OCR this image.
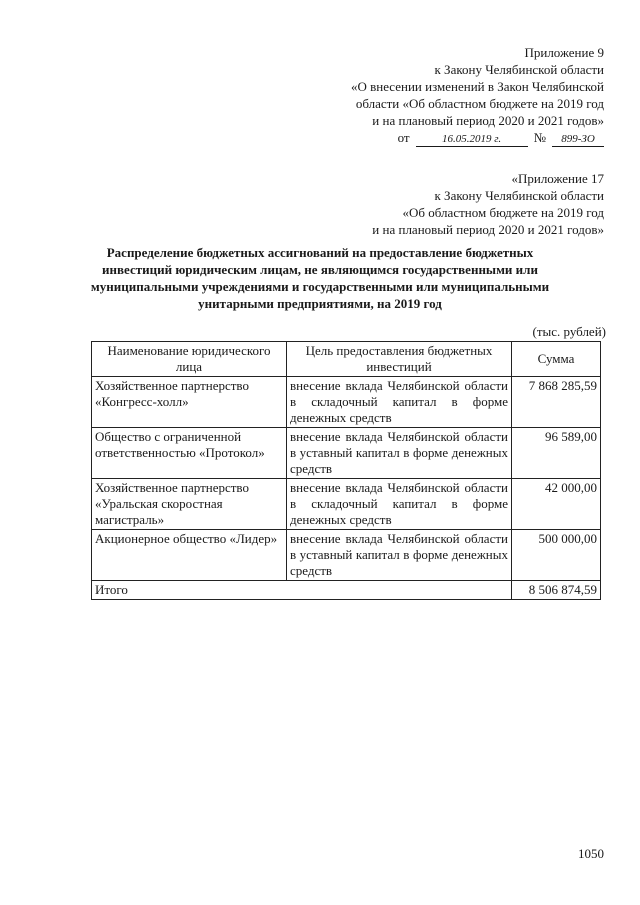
Приложение 9
к Закону Челябинской области
«О внесении изменений в Закон Челябинской
области «Об областном бюджете на 2019 год
и на плановый период 2020 и 2021 годов»
от	16.05.2019 г. № 899-ЗО
«Приложение 17
к Закону Челябинской области
«Об областном бюджете на 2019 год
и на плановый период 2020 и 2021 годов»
Распределение бюджетных ассигнований на предоставление бюджетных инвестиций юридическим лицам, не являющимся государственными или муниципальными учреждениями и государственными или муниципальными унитарными предприятиями, на 2019 год
(тыс. рублей)
Наименование юридического лица	Цель предоставления бюджетных инвестиций	Сумма
Хозяйственное партнерство «Конгресс-холл»	внесение вклада Челябинской области в складочный капитал в форме денежных средств	7 868 285,59
Общество с ограниченной ответственностью «Протокол»	внесение вклада Челябинской области в уставный капитал в форме денежных средств	96 589,00
Хозяйственное партнерство «Уральская скоростная магистраль»	внесение вклада Челябинской области в складочный капитал в форме денежных средств	42 000,00
Акционерное общество «Лидер»	внесение вклада Челябинской области в уставный капитал в форме денежных средств	500 000,00
Итого		8 506 874,59
1050
